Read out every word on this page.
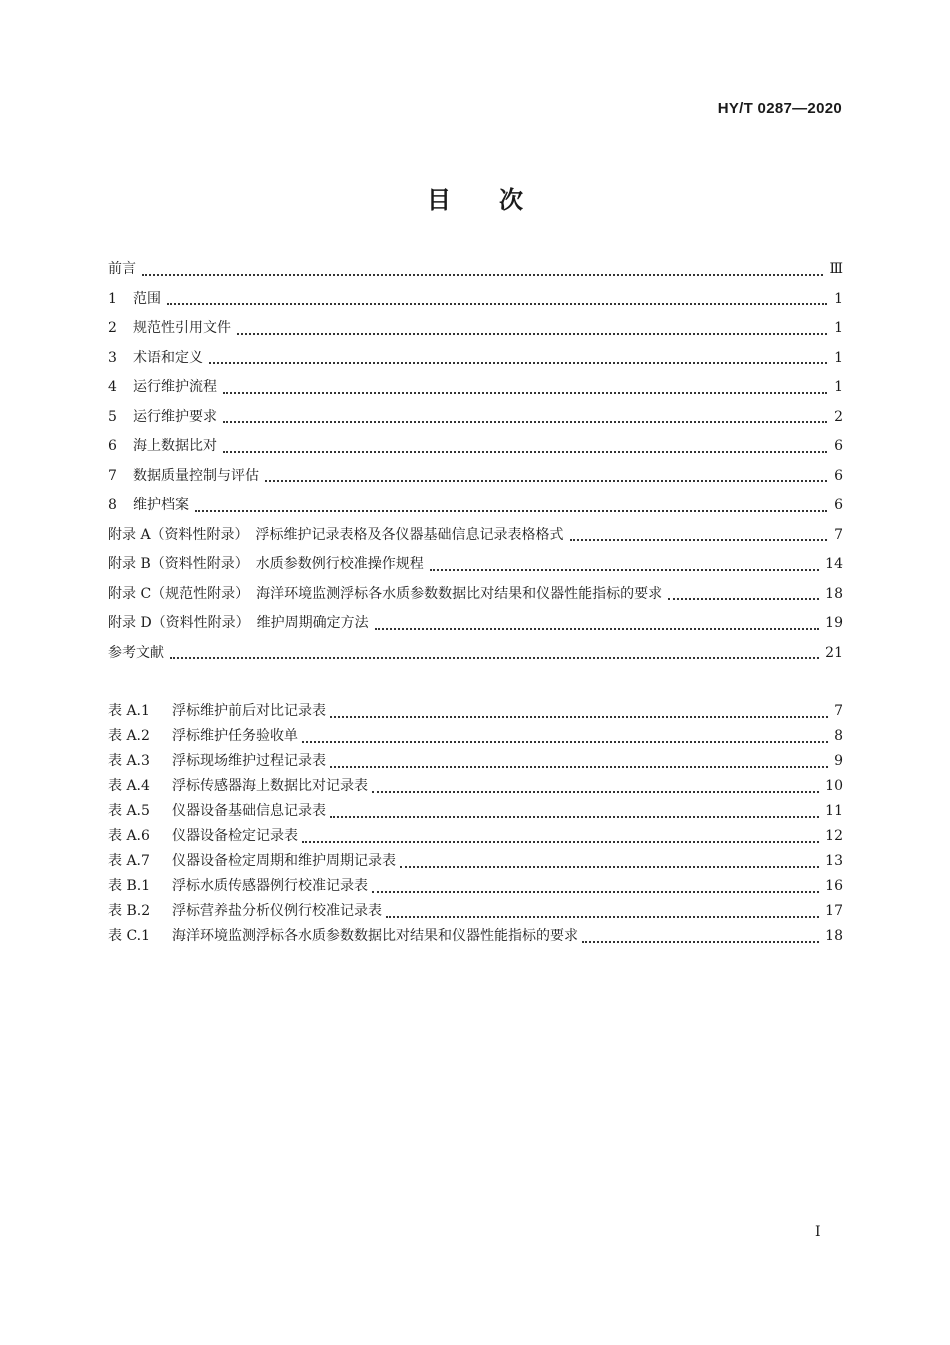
HY/T 0287—2020
目 次
前言	Ⅲ
1	范围	1
2	规范性引用文件	1
3	术语和定义	1
4	运行维护流程	1
5	运行维护要求	2
6	海上数据比对	6
7	数据质量控制与评估	6
8	维护档案	6
附录 A（资料性附录）　浮标维护记录表格及各仪器基础信息记录表格格式	7
附录 B（资料性附录）　水质参数例行校准操作规程	14
附录 C（规范性附录）　海洋环境监测浮标各水质参数数据比对结果和仪器性能指标的要求	18
附录 D（资料性附录）　维护周期确定方法	19
参考文献	21
表 A.1	浮标维护前后对比记录表	7
表 A.2	浮标维护任务验收单	8
表 A.3	浮标现场维护过程记录表	9
表 A.4	浮标传感器海上数据比对记录表	10
表 A.5	仪器设备基础信息记录表	11
表 A.6	仪器设备检定记录表	12
表 A.7	仪器设备检定周期和维护周期记录表	13
表 B.1	浮标水质传感器例行校准记录表	16
表 B.2	浮标营养盐分析仪例行校准记录表	17
表 C.1	海洋环境监测浮标各水质参数数据比对结果和仪器性能指标的要求	18
I
